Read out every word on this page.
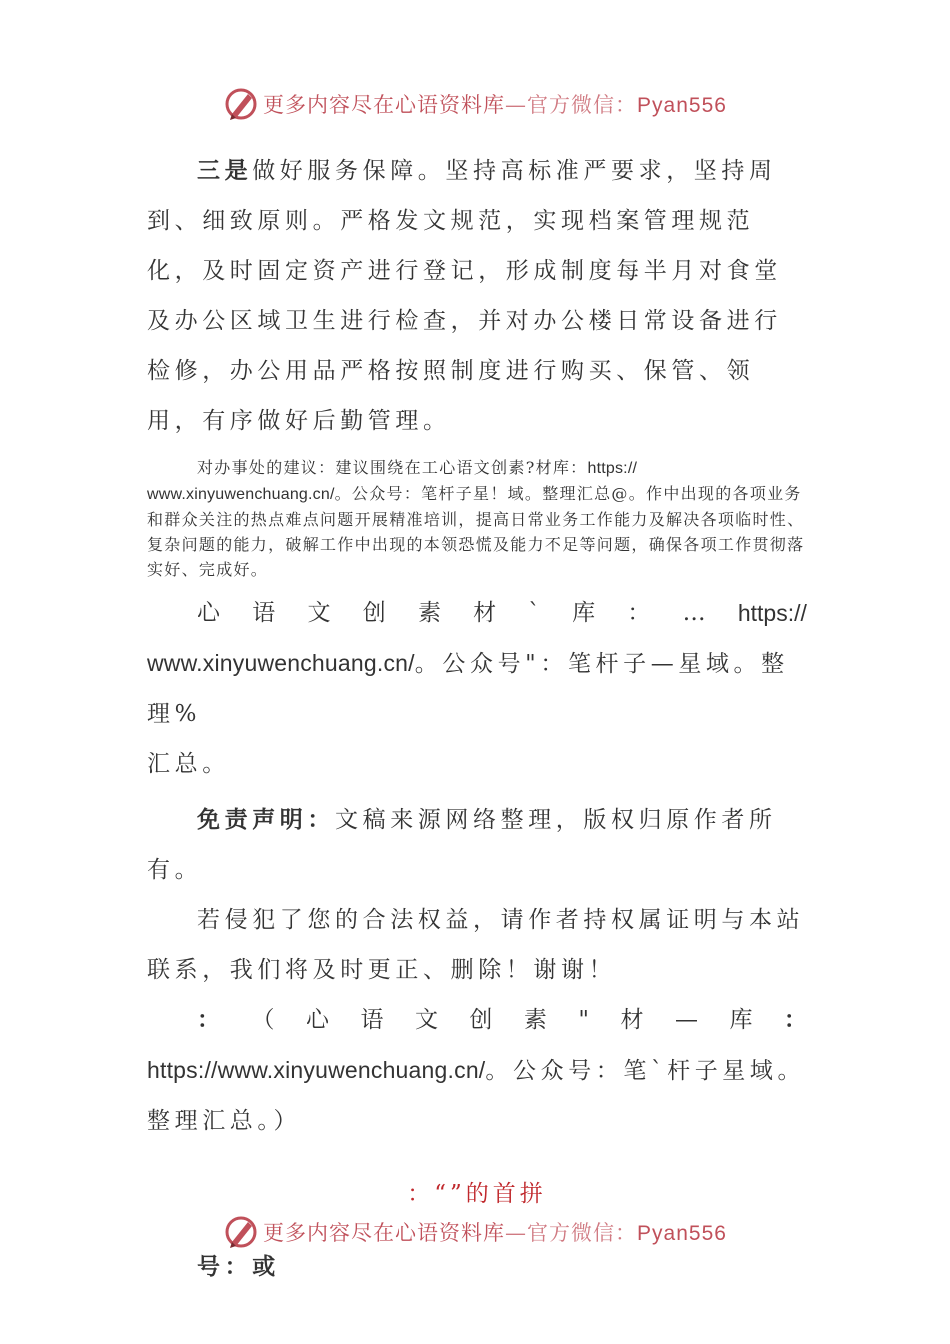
更多内容尽在心语资料库—官方微信：Pyan556

三是做好服务保障。坚持高标准严要求，坚持周到、细致原则。严格发文规范，实现档案管理规范化，及时固定资产进行登记，形成制度每半月对食堂及办公区域卫生进行检查，并对办公楼日常设备进行检修，办公用品严格按照制度进行购买、保管、领用，有序做好后勤管理。

对办事处的建议：建议围绕在工心语文创素?材库：https://
www.xinyuwenchuang.cn/。公众号：笔杆子星！域。整理汇总@。作中出现的各项业务和群众关注的热点难点问题开展精准培训，提高日常业务工作能力及解决各项临时性、复杂问题的能力，破解工作中出现的本领恐慌及能力不足等问题，确保各项工作贯彻落实好、完成好。

心 语 文 创 素 材 ` 库 ： … https://

www.xinyuwenchuang.cn/。公众号"：笔杆子—星域。整理%
汇总。

免责声明：文稿来源网络整理，版权归原作者所有。

若侵犯了您的合法权益，请作者持权属证明与本站联系，我们将及时更正、删除！谢谢！

： （ 心 语 文 创 素 " 材 — 库 ：

https://www.xinyuwenchuang.cn/。公众号：笔`杆子星域。
整理汇总。）

：“”的首拼

号：或

更多内容尽在心语资料库—官方微信：Pyan556
